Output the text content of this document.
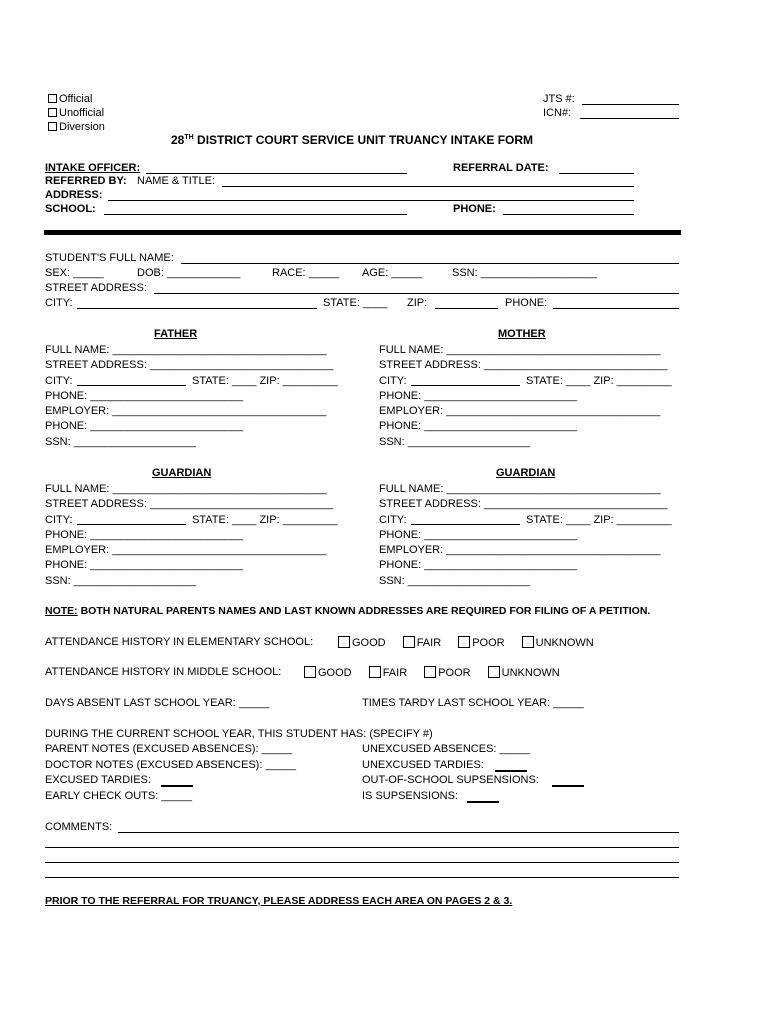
Official
Unofficial
Diversion
JTS #:
ICN#:
28TH DISTRICT COURT SERVICE UNIT TRUANCY INTAKE FORM
INTAKE OFFICER:	REFERRAL DATE:
REFERRED BY: NAME & TITLE:
ADDRESS:
SCHOOL:	PHONE:
STUDENT'S FULL NAME:
SEX: _____	DOB: ____________	RACE: _____ AGE: _____	SSN: ___________________
STREET ADDRESS:
CITY:	STATE: ____ ZIP:	PHONE:
FATHER
FULL NAME: ___________________________________
STREET ADDRESS: ______________________________
CITY:	STATE: ____ ZIP: _________
PHONE: _________________________
EMPLOYER: ___________________________________
PHONE: _________________________
SSN: ____________________
MOTHER
FULL NAME: ___________________________________
STREET ADDRESS: ______________________________
CITY:	STATE: ____ ZIP: _________
PHONE: _________________________
EMPLOYER: ___________________________________
PHONE: _________________________
SSN: ____________________
GUARDIAN
FULL NAME: ___________________________________
STREET ADDRESS: ______________________________
CITY:	STATE: ____ ZIP: _________
PHONE: _________________________
EMPLOYER: ___________________________________
PHONE: _________________________
SSN: ____________________
GUARDIAN
FULL NAME: ___________________________________
STREET ADDRESS: ______________________________
CITY:	STATE: ____ ZIP: _________
PHONE: _________________________
EMPLOYER: ___________________________________
PHONE: _________________________
SSN: ____________________
NOTE: BOTH NATURAL PARENTS NAMES AND LAST KNOWN ADDRESSES ARE REQUIRED FOR FILING OF A PETITION.
ATTENDANCE HISTORY IN ELEMENTARY SCHOOL:	GOOD	FAIR	POOR	UNKNOWN
ATTENDANCE HISTORY IN MIDDLE SCHOOL:	GOOD	FAIR	POOR	UNKNOWN
DAYS ABSENT LAST SCHOOL YEAR: _____	TIMES TARDY LAST SCHOOL YEAR: _____
DURING THE CURRENT SCHOOL YEAR, THIS STUDENT HAS: (SPECIFY #)
PARENT NOTES (EXCUSED ABSENCES): _____	UNEXCUSED ABSENCES: _____
DOCTOR NOTES (EXCUSED ABSENCES): _____	UNEXCUSED TARDIES:
EXCUSED TARDIES:	OUT-OF-SCHOOL SUPSENSIONS:
EARLY CHECK OUTS: _____	IS SUPSENSIONS:
COMMENTS:
PRIOR TO THE REFERRAL FOR TRUANCY, PLEASE ADDRESS EACH AREA ON PAGES 2 & 3.
